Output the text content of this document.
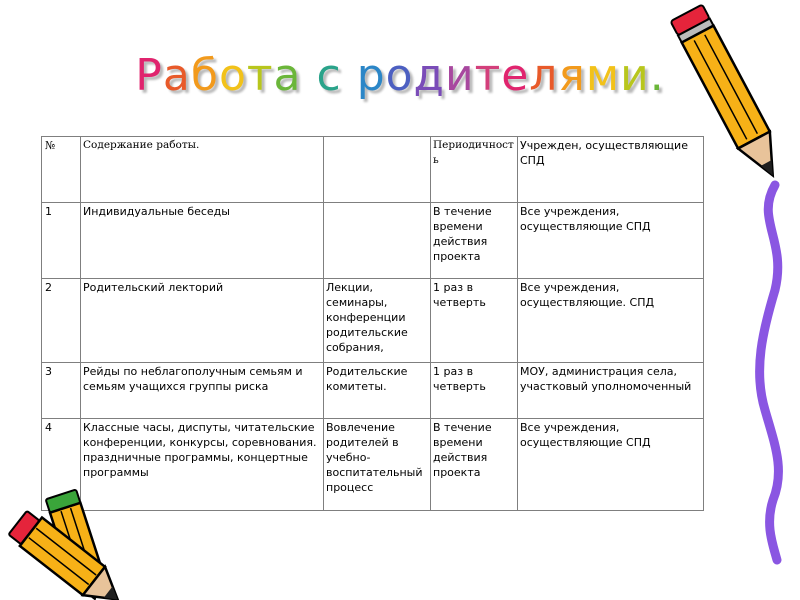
Работа с родителями.
№	Содержание работы.		Периодичность	Учрежден, осуществляющие СПД
1	Индивидуальные беседы		В течение времени действия проекта	Все учреждения, осуществляющие СПД
2	Родительский лекторий	Лекции, семинары, конференции родительские собрания,	1 раз в четверть	Все учреждения, осуществляющие. СПД
3	Рейды по неблагополучным семьям и семьям учащихся группы риска	Родительские комитеты.	1 раз в четверть	МОУ, администрация села, участковый уполномоченный
4	Классные часы, диспуты, читательские конференции, конкурсы, соревнования. праздничные программы, концертные программы	Вовлечение родителей в учебно-воспитательный процесс	В течение времени действия проекта	Все учреждения, осуществляющие СПД
